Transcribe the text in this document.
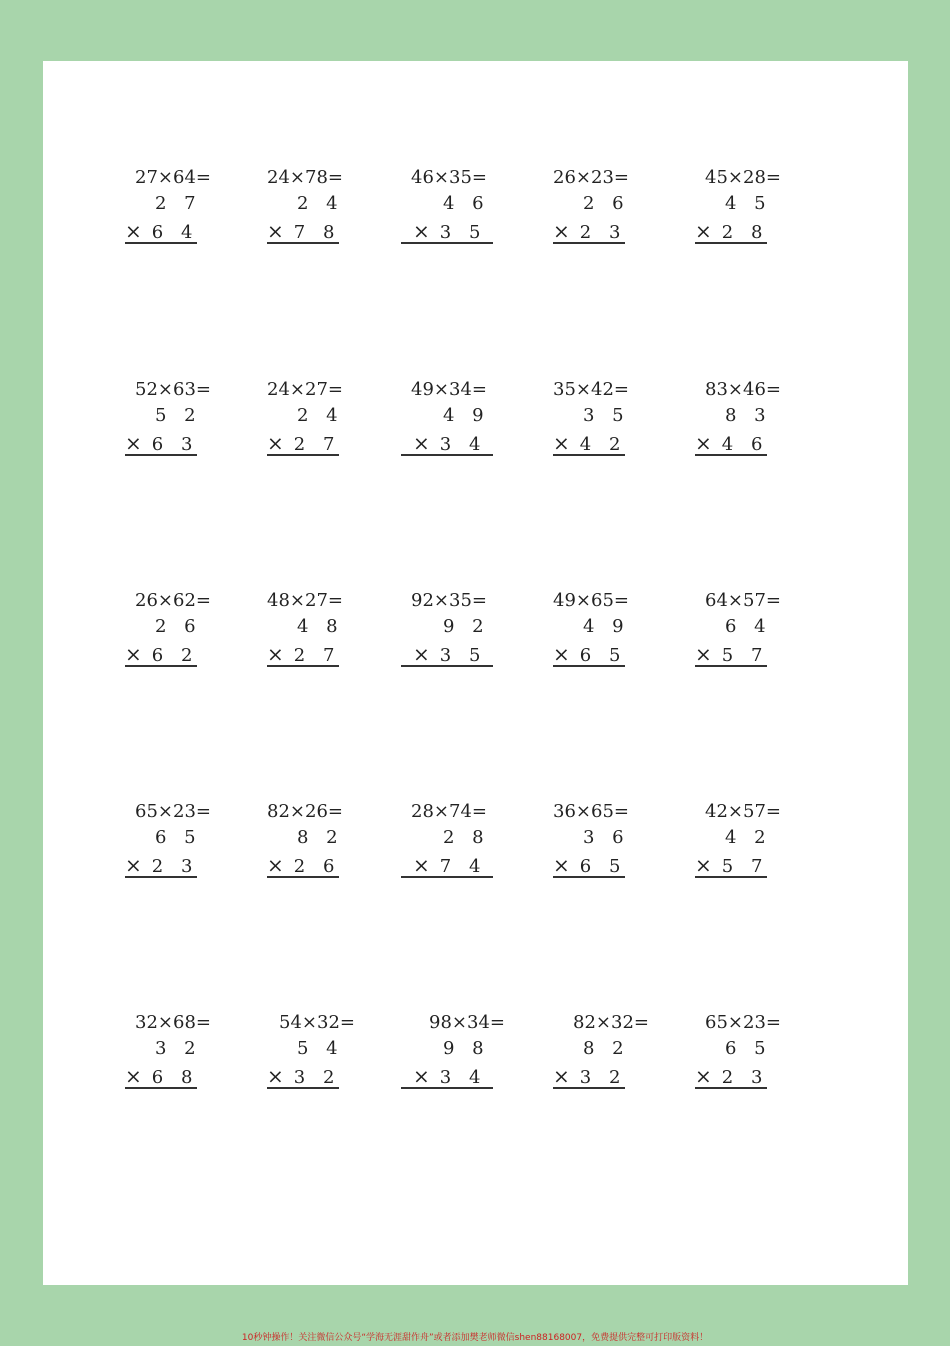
27×64=
2 7
× 6 4
24×78=
2 4
× 7 8
46×35=
4 6
× 3 5
26×23=
2 6
× 2 3
45×28=
4 5
× 2 8
52×63=
5 2
× 6 3
24×27=
2 4
× 2 7
49×34=
4 9
× 3 4
35×42=
3 5
× 4 2
83×46=
8 3
× 4 6
26×62=
2 6
× 6 2
48×27=
4 8
× 2 7
92×35=
9 2
× 3 5
49×65=
4 9
× 6 5
64×57=
6 4
× 5 7
65×23=
6 5
× 2 3
82×26=
8 2
× 2 6
28×74=
2 8
× 7 4
36×65=
3 6
× 6 5
42×57=
4 2
× 5 7
32×68=
3 2
× 6 8
54×32=
5 4
× 3 2
98×34=
9 8
× 3 4
82×32=
8 2
× 3 2
65×23=
6 5
× 2 3
10秒钟操作！关注微信公众号“学海无涯甜作舟”或者添加樊老师微信shen88168007，免费提供完整可打印版资料！
